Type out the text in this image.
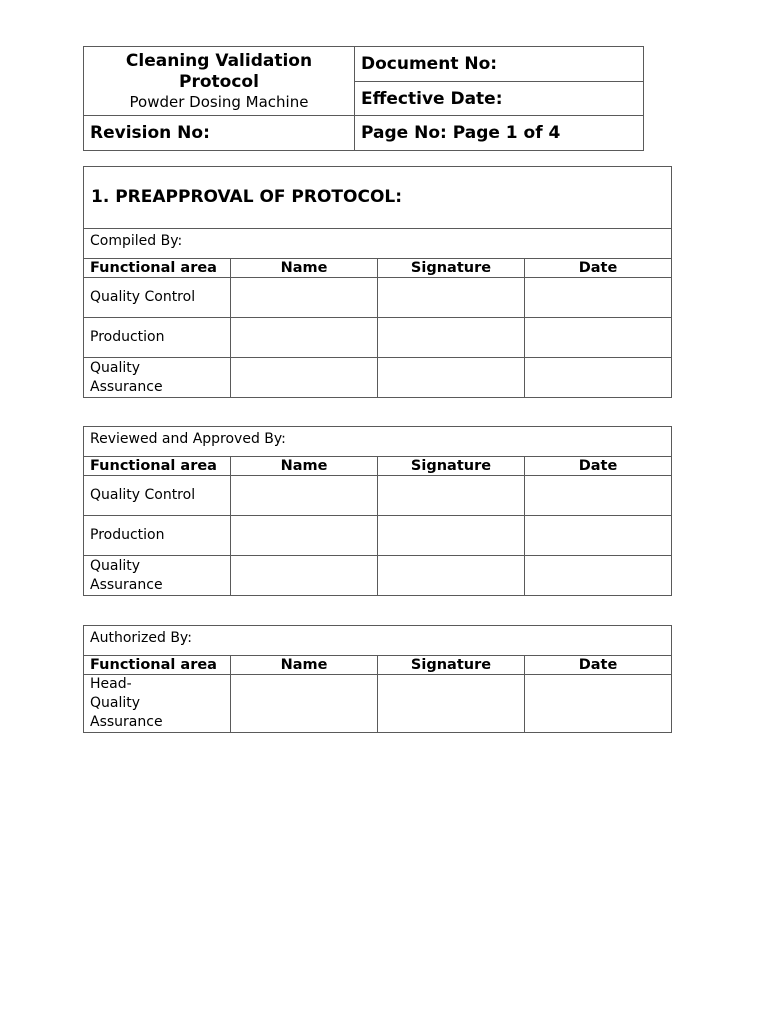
Cleaning Validation Protocol
Powder Dosing Machine	Document No:
	Effective Date:
Revision No:	Page No: Page 1 of 4
1. PREAPPROVAL OF PROTOCOL:			
Compiled By:			
Functional area	Name	Signature	Date
Quality Control			
Production			
Quality Assurance			
Reviewed and Approved By:			
Functional area	Name	Signature	Date
Quality Control			
Production			
Quality Assurance			
Authorized By:			
Functional area	Name	Signature	Date
Head- Quality Assurance			
